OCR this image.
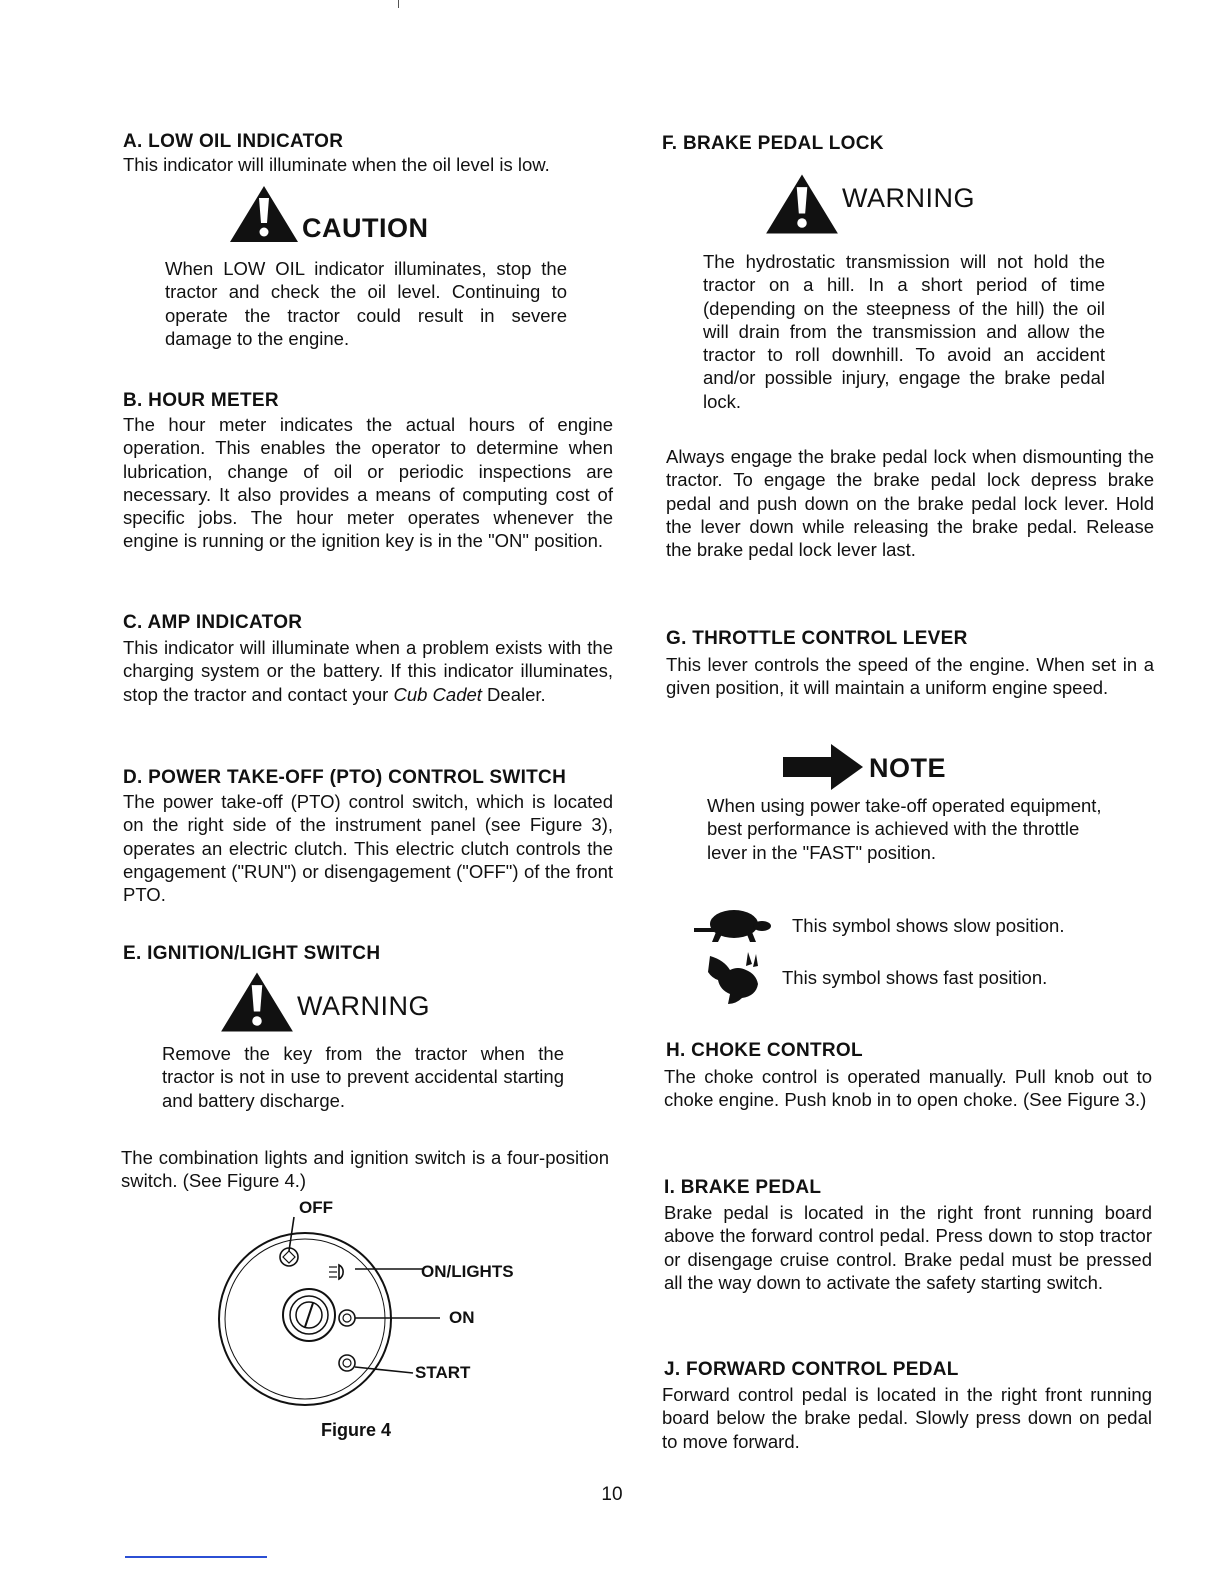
A. LOW OIL INDICATOR
This indicator will illuminate when the oil level is low.
CAUTION
When LOW OIL indicator illuminates, stop the tractor and check the oil level. Continuing to operate the tractor could result in severe damage to the engine.
B. HOUR METER
The hour meter indicates the actual hours of engine operation. This enables the operator to determine when lubrication, change of oil or periodic inspections are necessary. It also provides a means of computing cost of specific jobs. The hour meter operates whenever the engine is running or the ignition key is in the "ON" position.
C. AMP INDICATOR
This indicator will illuminate when a problem exists with the charging system or the battery. If this indicator illuminates, stop the tractor and contact your Cub Cadet Dealer.
D. POWER TAKE-OFF (PTO) CONTROL SWITCH
The power take-off (PTO) control switch, which is located on the right side of the instrument panel (see Figure 3), operates an electric clutch. This electric clutch controls the engagement ("RUN") or disengagement ("OFF") of the front PTO.
E. IGNITION/LIGHT SWITCH
WARNING
Remove the key from the tractor when the tractor is not in use to prevent accidental starting and battery discharge.
The combination lights and ignition switch is a four-position switch. (See Figure 4.)
OFF
ON/LIGHTS
ON
START
Figure 4
F. BRAKE PEDAL LOCK
WARNING
The hydrostatic transmission will not hold the tractor on a hill. In a short period of time (depending on the steepness of the hill) the oil will drain from the transmission and allow the tractor to roll downhill. To avoid an accident and/or possible injury, engage the brake pedal lock.
Always engage the brake pedal lock when dismounting the tractor. To engage the brake pedal lock depress brake pedal and push down on the brake pedal lock lever. Hold the lever down while releasing the brake pedal. Release the brake pedal lock lever last.
G. THROTTLE CONTROL LEVER
This lever controls the speed of the engine. When set in a given position, it will maintain a uniform engine speed.
NOTE
When using power take-off operated equipment, best performance is achieved with the throttle lever in the "FAST" position.
This symbol shows slow position.
This symbol shows fast position.
H. CHOKE CONTROL
The choke control is operated manually. Pull knob out to choke engine. Push knob in to open choke. (See Figure 3.)
I. BRAKE PEDAL
Brake pedal is located in the right front running board above the forward control pedal. Press down to stop tractor or disengage cruise control. Brake pedal must be pressed all the way down to activate the safety starting switch.
J. FORWARD CONTROL PEDAL
Forward control pedal is located in the right front running board below the brake pedal. Slowly press down on pedal to move forward.
10
